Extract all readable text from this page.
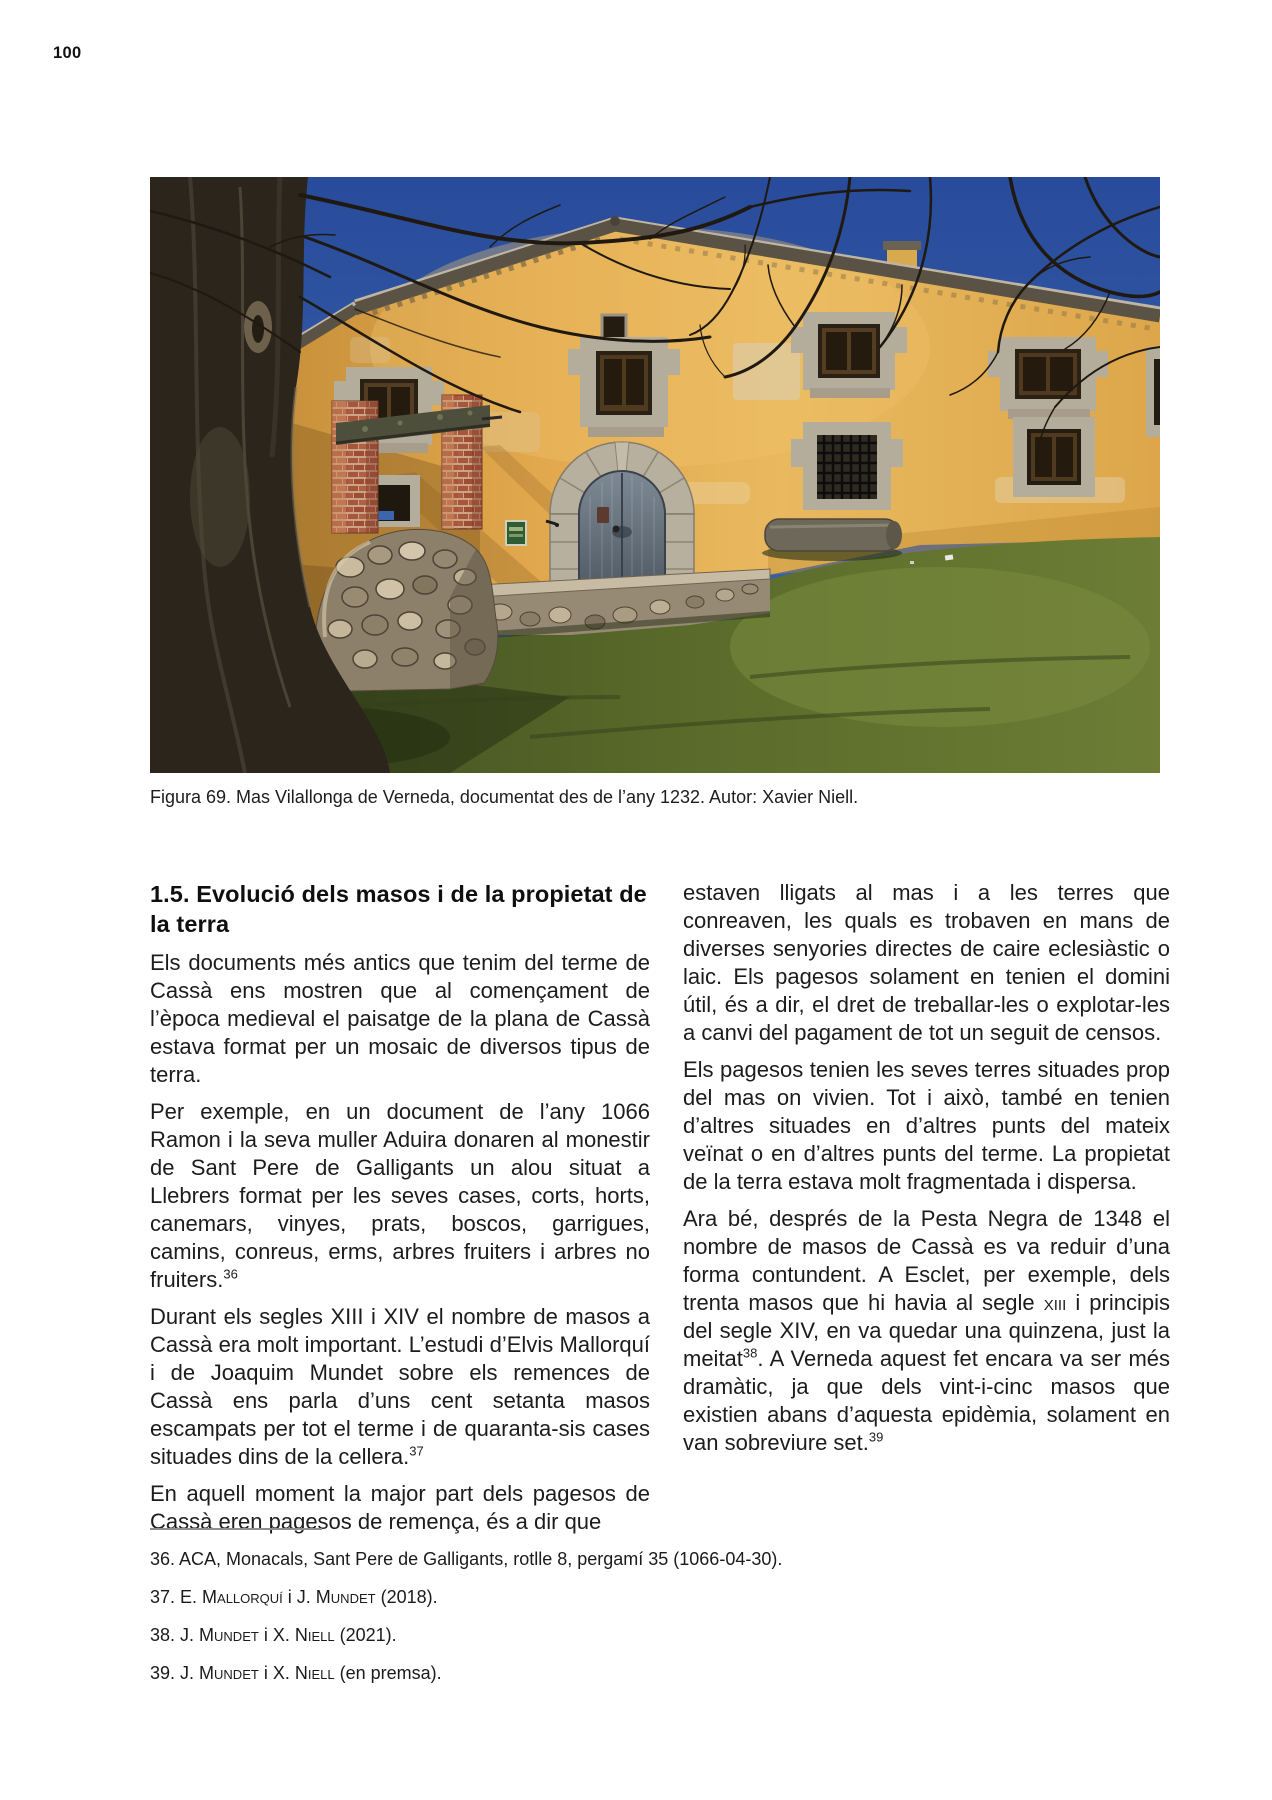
100
Figura 69. Mas Vilallonga de Verneda, documentat des de l’any 1232. Autor: Xavier Niell.
1.5. Evolució dels masos i de la propietat de la terra

Els documents més antics que tenim del terme de Cassà ens mostren que al començament de l’època medieval el paisatge de la plana de Cassà estava format per un mosaic de diversos tipus de terra.

Per exemple, en un document de l’any 1066 Ramon i la seva muller Aduira donaren al monestir de Sant Pere de Galligants un alou situat a Llebrers format per les seves cases, corts, horts, canemars, vinyes, prats, boscos, garrigues, camins, conreus, erms, arbres fruiters i arbres no fruiters.$^{36}$

Durant els segles XIII i XIV el nombre de masos a Cassà era molt important. L’estudi d’Elvis Mallorquí i de Joaquim Mundet sobre els remences de Cassà ens parla d’uns cent setanta masos escampats per tot el terme i de quaranta-sis cases situades dins de la cellera.$^{37}$

En aquell moment la major part dels pagesos de Cassà eren pagesos de remença, és a dir que

estaven lligats al mas i a les terres que conreaven, les quals es trobaven en mans de diverses senyories directes de caire eclesiàstic o laic. Els pagesos solament en tenien el domini útil, és a dir, el dret de treballar-les o explotar-les a canvi del pagament de tot un seguit de censos.

Els pagesos tenien les seves terres situades prop del mas on vivien. Tot i això, també en tenien d’altres situades en d’altres punts del mateix veïnat o en d’altres punts del terme. La propietat de la terra estava molt fragmentada i dispersa.

Ara bé, després de la Pesta Negra de 1348 el nombre de masos de Cassà es va reduir d’una forma contundent. A Esclet, per exemple, dels trenta masos que hi havia al segle xiii i principis del segle XIV, en va quedar una quinzena, just la meitat$^{38}$. A Verneda aquest fet encara va ser més dramàtic, ja que dels vint-i-cinc masos que existien abans d’aquesta epidèmia, solament en van sobreviure set.$^{39}$

36. ACA, Monacals, Sant Pere de Galligants, rotlle 8, pergamí 35 (1066-04-30).

37. E. Mallorquí i J. Mundet (2018).

38. J. Mundet i X. Niell (2021).

39. J. Mundet i X. Niell (en premsa).
